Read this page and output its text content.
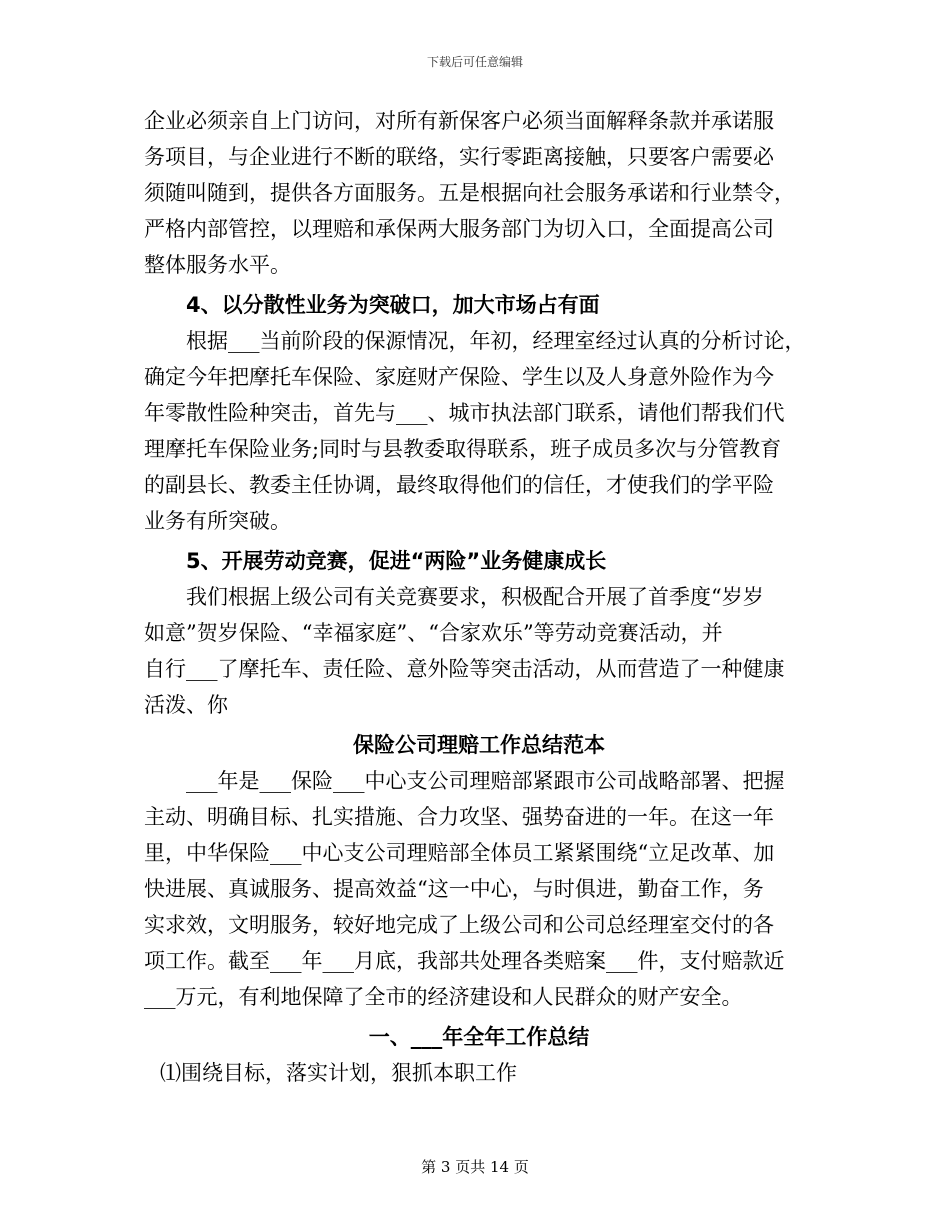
下载后可任意编辑
企业必须亲自上门访问，对所有新保客户必须当面解释条款并承诺服
务项目，与企业进行不断的联络，实行零距离接触，只要客户需要必
须随叫随到，提供各方面服务。五是根据向社会服务承诺和行业禁令，
严格内部管控，以理赔和承保两大服务部门为切入口，全面提高公司
整体服务水平。
4、以分散性业务为突破口，加大市场占有面
根据___当前阶段的保源情况，年初，经理室经过认真的分析讨论，
确定今年把摩托车保险、家庭财产保险、学生以及人身意外险作为今
年零散性险种突击，首先与___、城市执法部门联系，请他们帮我们代
理摩托车保险业务;同时与县教委取得联系，班子成员多次与分管教育
的副县长、教委主任协调，最终取得他们的信任，才使我们的学平险
业务有所突破。
5、开展劳动竞赛，促进“两险”业务健康成长
我们根据上级公司有关竞赛要求，积极配合开展了首季度“岁岁
如意”贺岁保险、“幸福家庭”、“合家欢乐”等劳动竞赛活动，并
自行___了摩托车、责任险、意外险等突击活动，从而营造了一种健康
活泼、你
保险公司理赔工作总结范本
___年是___保险___中心支公司理赔部紧跟市公司战略部署、把握
主动、明确目标、扎实措施、合力攻坚、强势奋进的一年。在这一年
里，中华保险___中心支公司理赔部全体员工紧紧围绕“立足改革、加
快进展、真诚服务、提高效益“这一中心，与时俱进，勤奋工作，务
实求效，文明服务，较好地完成了上级公司和公司总经理室交付的各
项工作。截至___年___月底，我部共处理各类赔案___件，支付赔款近
___万元，有利地保障了全市的经济建设和人民群众的财产安全。
一、___年全年工作总结
⑴围绕目标，落实计划，狠抓本职工作
第 3 页共 14 页
